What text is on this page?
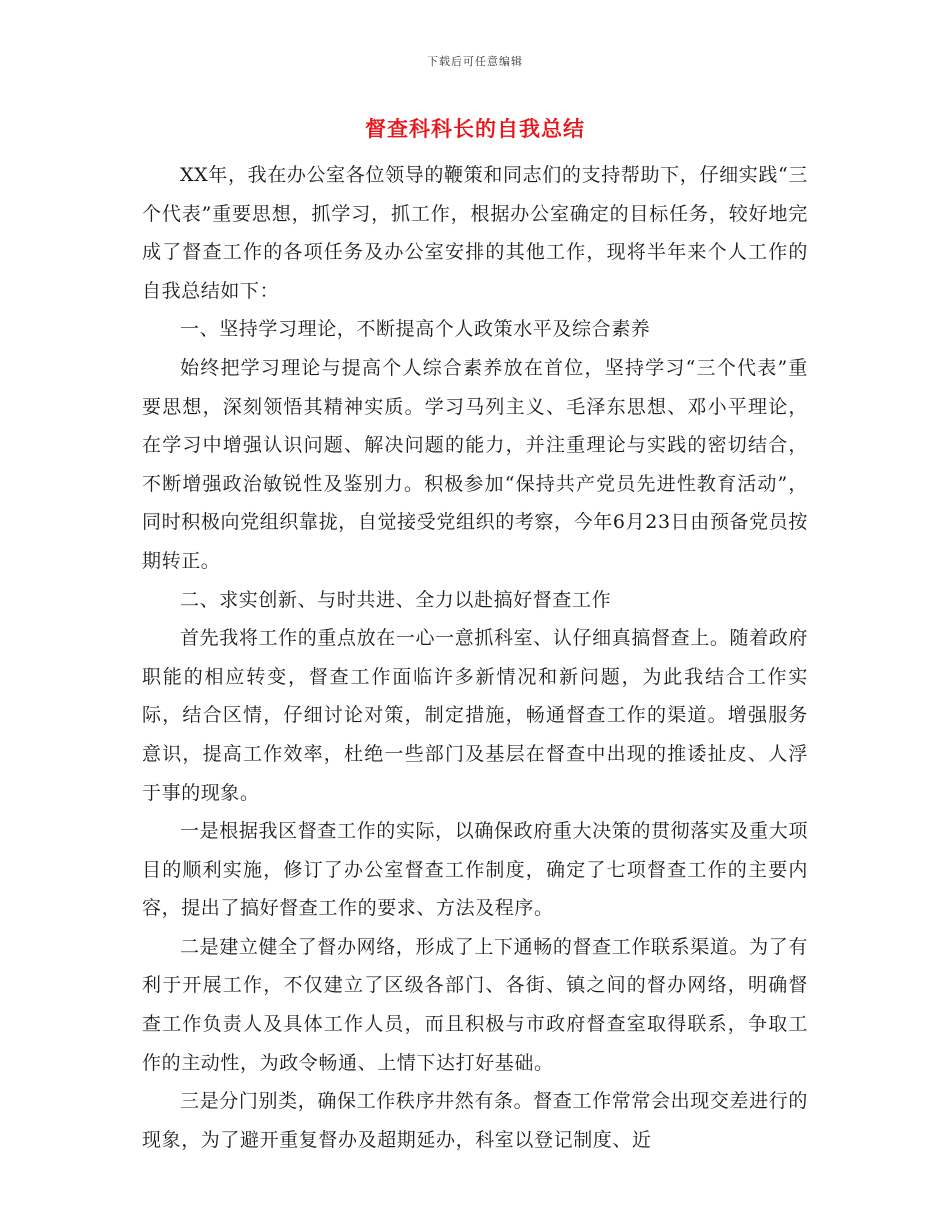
下载后可任意编辑
督查科科长的自我总结

XX年，我在办公室各位领导的鞭策和同志们的支持帮助下，仔细实践“三个代表”重要思想，抓学习，抓工作，根据办公室确定的目标任务，较好地完成了督查工作的各项任务及办公室安排的其他工作，现将半年来个人工作的自我总结如下：

一、坚持学习理论，不断提高个人政策水平及综合素养

始终把学习理论与提高个人综合素养放在首位，坚持学习“三个代表”重要思想，深刻领悟其精神实质。学习马列主义、毛泽东思想、邓小平理论，在学习中增强认识问题、解决问题的能力，并注重理论与实践的密切结合，不断增强政治敏锐性及鉴别力。积极参加“保持共产党员先进性教育活动”，同时积极向党组织靠拢，自觉接受党组织的考察，今年6月23日由预备党员按期转正。

二、求实创新、与时共进、全力以赴搞好督查工作

首先我将工作的重点放在一心一意抓科室、认仔细真搞督查上。随着政府职能的相应转变，督查工作面临许多新情况和新问题，为此我结合工作实际，结合区情，仔细讨论对策，制定措施，畅通督查工作的渠道。增强服务意识，提高工作效率，杜绝一些部门及基层在督查中出现的推诿扯皮、人浮于事的现象。

一是根据我区督查工作的实际，以确保政府重大决策的贯彻落实及重大项目的顺利实施，修订了办公室督查工作制度，确定了七项督查工作的主要内容，提出了搞好督查工作的要求、方法及程序。

二是建立健全了督办网络，形成了上下通畅的督查工作联系渠道。为了有利于开展工作，不仅建立了区级各部门、各街、镇之间的督办网络，明确督查工作负责人及具体工作人员，而且积极与市政府督查室取得联系，争取工作的主动性，为政令畅通、上情下达打好基础。

三是分门别类，确保工作秩序井然有条。督查工作常常会出现交差进行的现象，为了避开重复督办及超期延办，科室以登记制度、近
